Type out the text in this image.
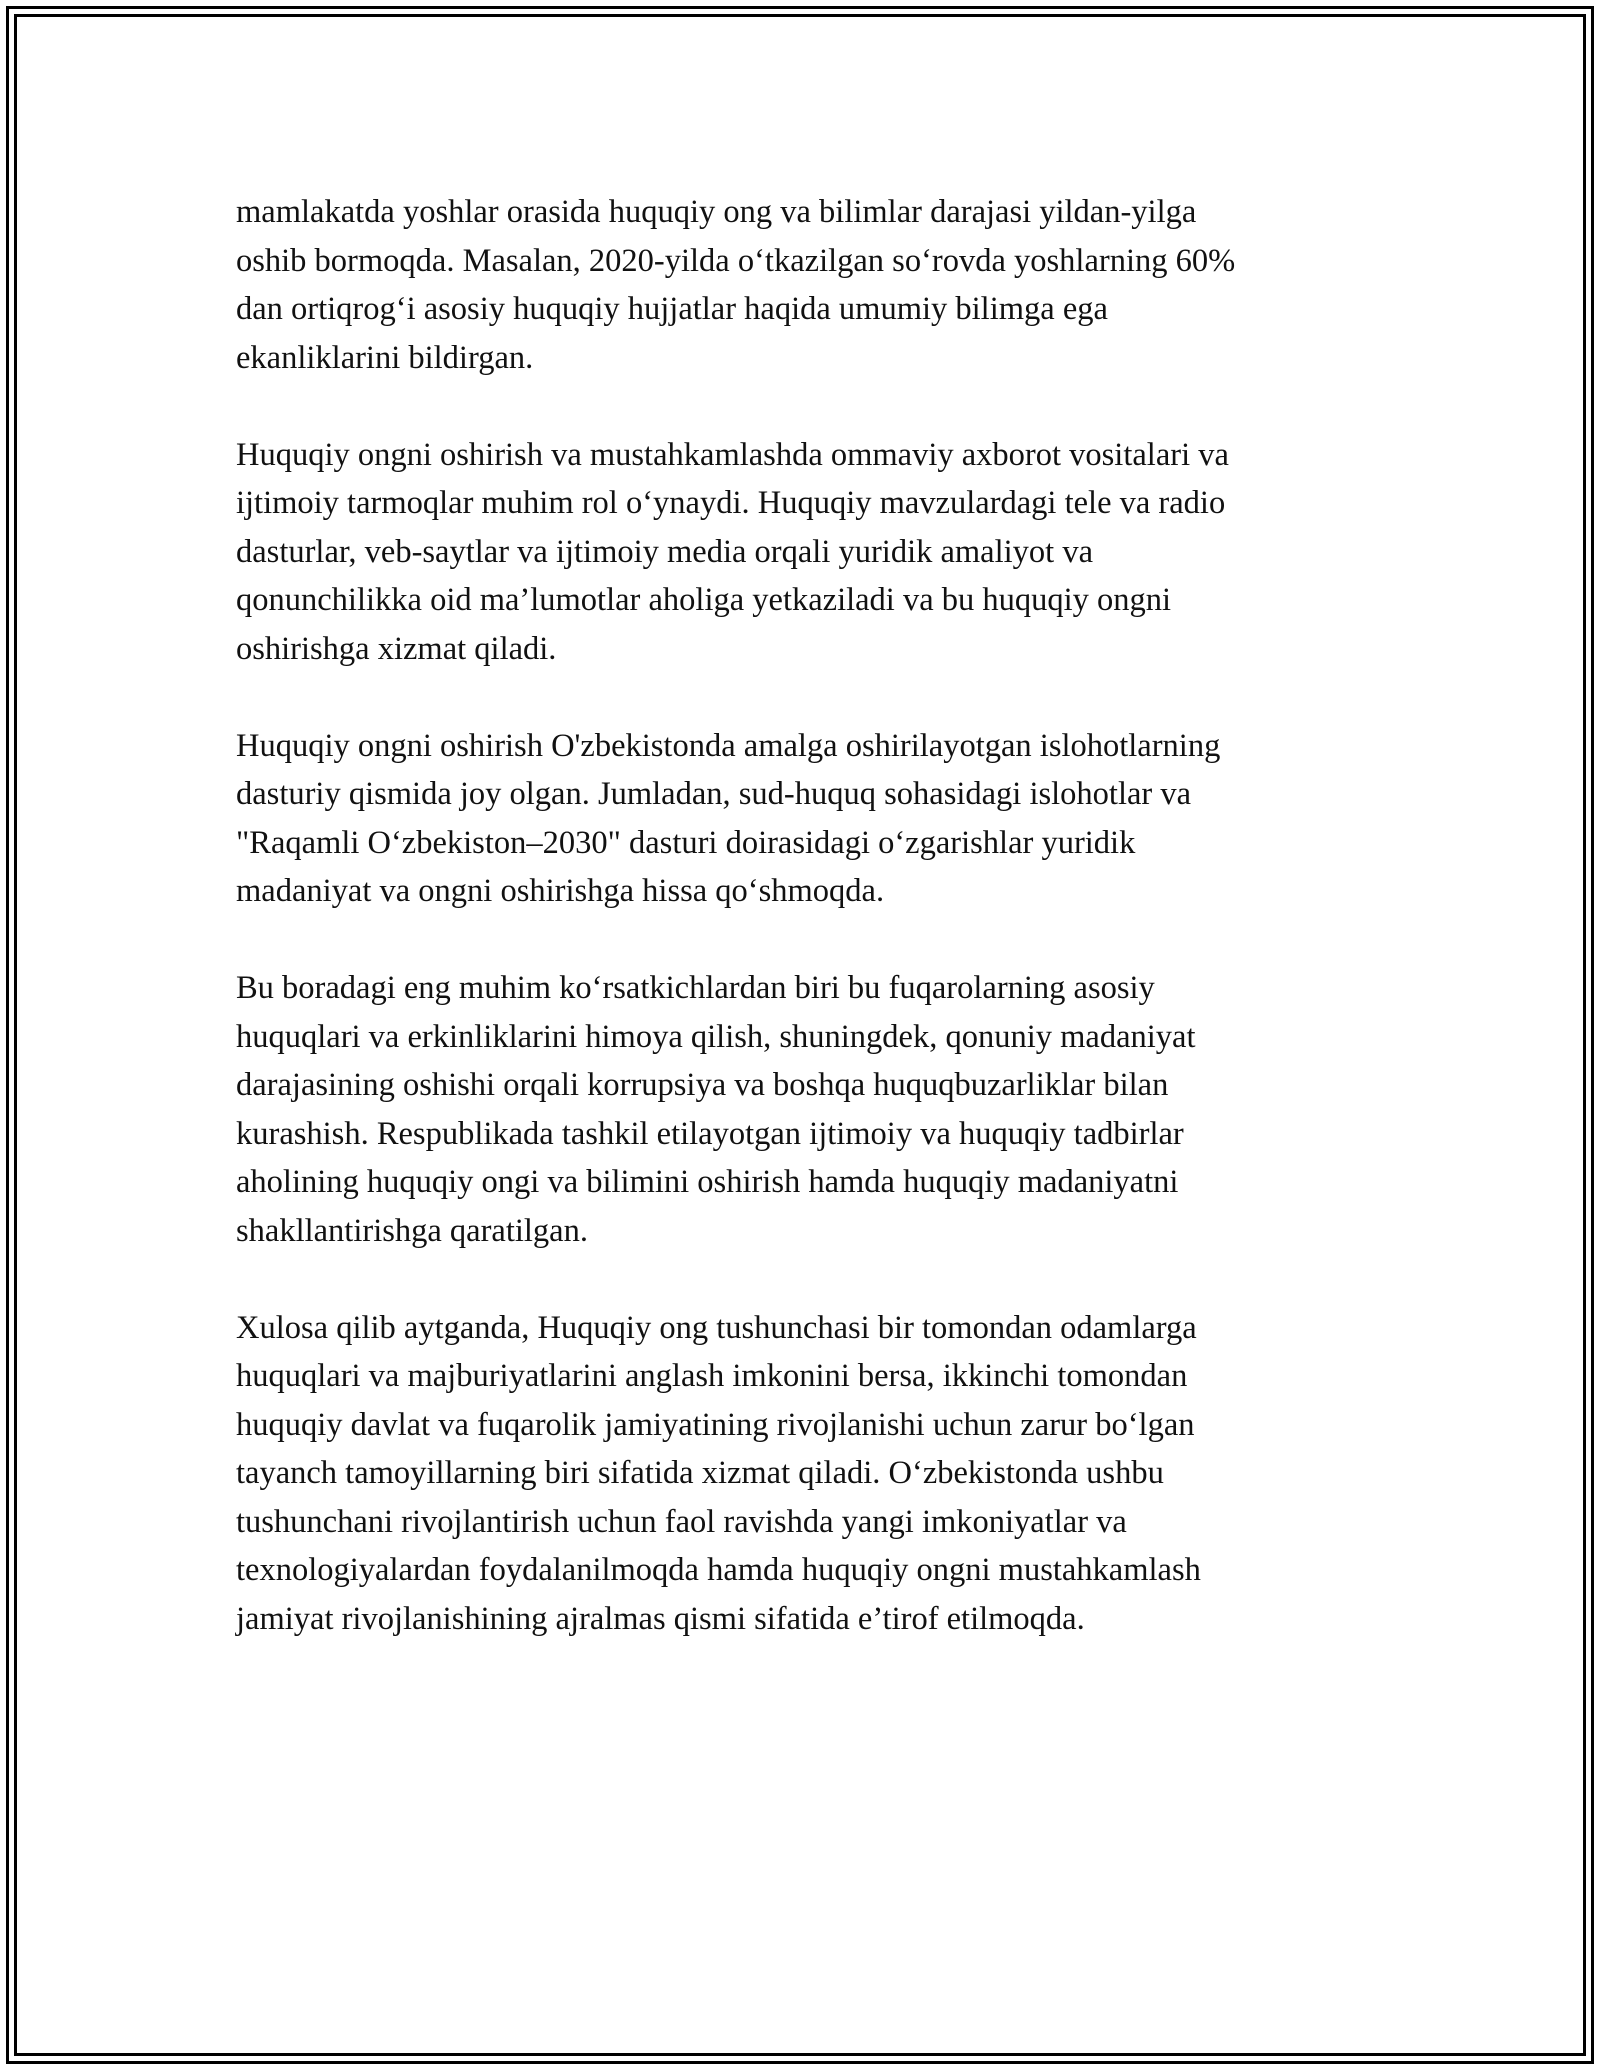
mamlakatda yoshlar orasida huquqiy ong va bilimlar darajasi yildan-yilga
oshib bormoqda. Masalan, 2020-yilda o‘tkazilgan so‘rovda yoshlarning 60%
dan ortiqrog‘i asosiy huquqiy hujjatlar haqida umumiy bilimga ega
ekanliklarini bildirgan.

Huquqiy ongni oshirish va mustahkamlashda ommaviy axborot vositalari va
ijtimoiy tarmoqlar muhim rol o‘ynaydi. Huquqiy mavzulardagi tele va radio
dasturlar, veb-saytlar va ijtimoiy media orqali yuridik amaliyot va
qonunchilikka oid ma’lumotlar aholiga yetkaziladi va bu huquqiy ongni
oshirishga xizmat qiladi.

Huquqiy ongni oshirish O'zbekistonda amalga oshirilayotgan islohotlarning
dasturiy qismida joy olgan. Jumladan, sud-huquq sohasidagi islohotlar va
"Raqamli O‘zbekiston–2030" dasturi doirasidagi o‘zgarishlar yuridik
madaniyat va ongni oshirishga hissa qo‘shmoqda.

Bu boradagi eng muhim ko‘rsatkichlardan biri bu fuqarolarning asosiy
huquqlari va erkinliklarini himoya qilish, shuningdek, qonuniy madaniyat
darajasining oshishi orqali korrupsiya va boshqa huquqbuzarliklar bilan
kurashish. Respublikada tashkil etilayotgan ijtimoiy va huquqiy tadbirlar
aholining huquqiy ongi va bilimini oshirish hamda huquqiy madaniyatni
shakllantirishga qaratilgan.

Xulosa qilib aytganda, Huquqiy ong tushunchasi bir tomondan odamlarga
huquqlari va majburiyatlarini anglash imkonini bersa, ikkinchi tomondan
huquqiy davlat va fuqarolik jamiyatining rivojlanishi uchun zarur bo‘lgan
tayanch tamoyillarning biri sifatida xizmat qiladi. O‘zbekistonda ushbu
tushunchani rivojlantirish uchun faol ravishda yangi imkoniyatlar va
texnologiyalardan foydalanilmoqda hamda huquqiy ongni mustahkamlash
jamiyat rivojlanishining ajralmas qismi sifatida e’tirof etilmoqda.
